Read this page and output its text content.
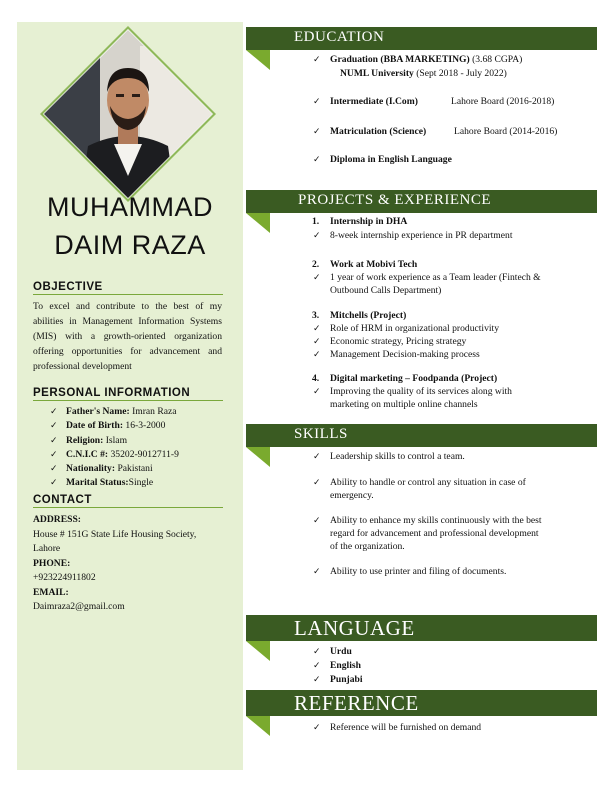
MUHAMMAD
DAIM RAZA
OBJECTIVE
To excel and contribute to the best of my abilities in Management Information Systems (MIS) with a growth-oriented organization offering opportunities for advancement and professional development
PERSONAL INFORMATION
✓ Father's Name: Imran Raza
✓ Date of Birth: 16-3-2000
✓ Religion: Islam
✓ C.N.I.C #: 35202-9012711-9
✓ Nationality: Pakistani
✓ Marital Status:Single
CONTACT
ADDRESS:
House # 151G State Life Housing Society,
Lahore
PHONE:
+923224911802
EMAIL:
Daimraza2@gmail.com
EDUCATION
✓ Graduation (BBA MARKETING) (3.68 CGPA)
NUML University (Sept 2018 - July 2022)
✓ Intermediate (I.Com)	Lahore Board (2016-2018)
✓ Matriculation (Science)	Lahore Board (2014-2016)
✓ Diploma in English Language
PROJECTS & EXPERIENCE
1. Internship in DHA
✓ 8-week internship experience in PR department
2. Work at Mobivi Tech
✓ 1 year of work experience as a Team leader (Fintech &
Outbound Calls Department)
3. Mitchells (Project)
✓ Role of HRM in organizational productivity
✓ Economic strategy, Pricing strategy
✓ Management Decision-making process
4. Digital marketing – Foodpanda (Project)
✓ Improving the quality of its services along with
marketing on multiple online channels
SKILLS
✓ Leadership skills to control a team.
✓ Ability to handle or control any situation in case of
emergency.
✓ Ability to enhance my skills continuously with the best
regard for advancement and professional development
of the organization.
✓ Ability to use printer and filing of documents.
LANGUAGE
✓ Urdu
✓ English
✓ Punjabi
REFERENCE
✓ Reference will be furnished on demand
